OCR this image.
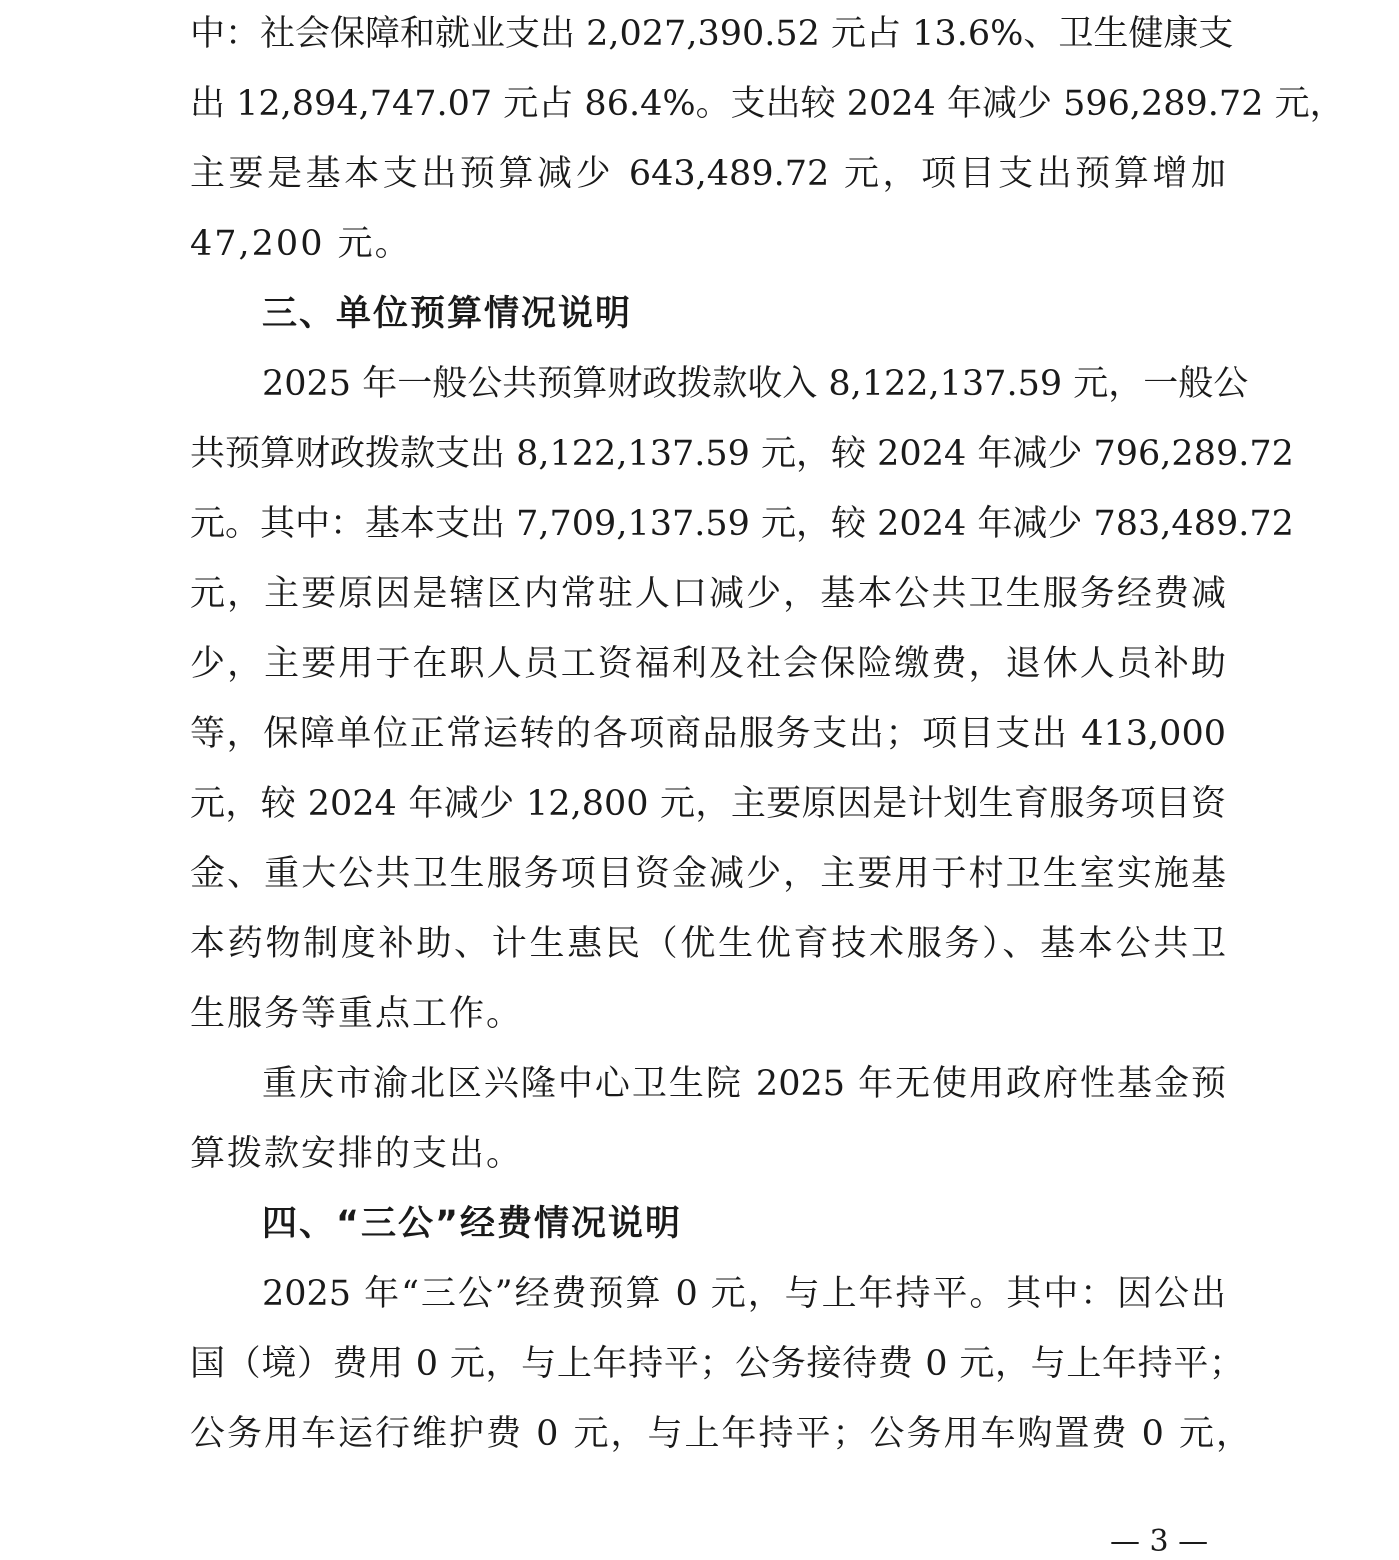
中：社会保障和就业支出 2,027,390.52 元占 13.6%、卫生健康支
出 12,894,747.07 元占 86.4%。支出较 2024 年减少 596,289.72 元，
主要是基本支出预算减少 643,489.72 元，项目支出预算增加
47,200 元。
三、单位预算情况说明
2025 年一般公共预算财政拨款收入 8,122,137.59 元，一般公
共预算财政拨款支出 8,122,137.59 元，较 2024 年减少 796,289.72
元。其中：基本支出 7,709,137.59 元，较 2024 年减少 783,489.72
元，主要原因是辖区内常驻人口减少，基本公共卫生服务经费减
少，主要用于在职人员工资福利及社会保险缴费，退休人员补助
等，保障单位正常运转的各项商品服务支出；项目支出 413,000
元，较 2024 年减少 12,800 元，主要原因是计划生育服务项目资
金、重大公共卫生服务项目资金减少，主要用于村卫生室实施基
本药物制度补助、计生惠民（优生优育技术服务）、基本公共卫
生服务等重点工作。
重庆市渝北区兴隆中心卫生院 2025 年无使用政府性基金预
算拨款安排的支出。
四、“三公”经费情况说明
2025 年“三公”经费预算 0 元，与上年持平。其中：因公出
国（境）费用 0 元，与上年持平；公务接待费 0 元，与上年持平；
公务用车运行维护费 0 元，与上年持平；公务用车购置费 0 元，
— 3 —
